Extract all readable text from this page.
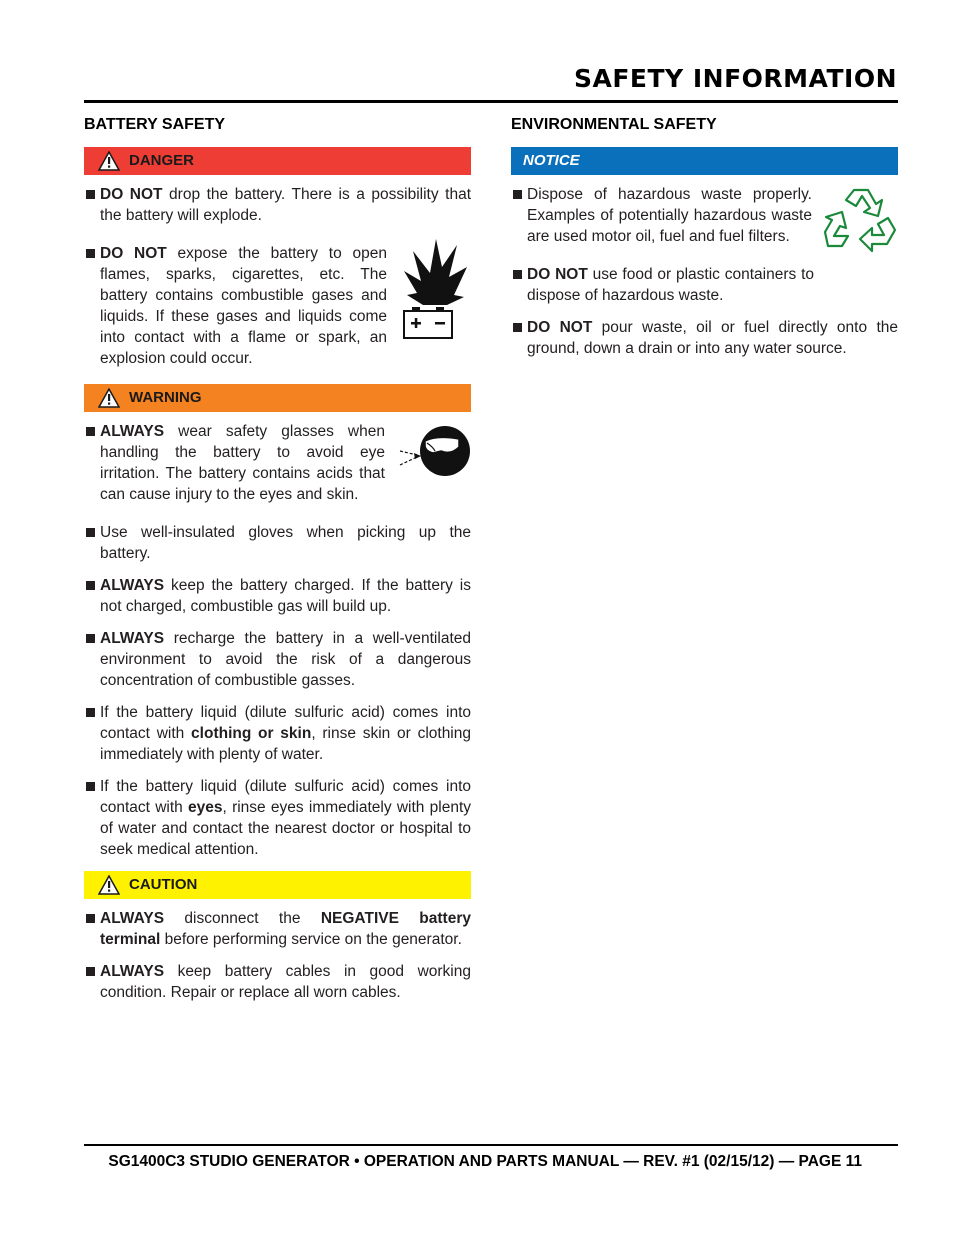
SAFETY INFORMATION
BATTERY SAFETY
DANGER
DO NOT drop the battery. There is a possibility that the battery will explode.
DO NOT expose the battery to open flames, sparks, cigarettes, etc. The battery contains combustible gases and liquids. If these gases and liquids come into contact with a flame or spark, an explosion could occur.
WARNING
ALWAYS wear safety glasses when handling the battery to avoid eye irritation. The battery contains acids that can cause injury to the eyes and skin.
Use well-insulated gloves when picking up the battery.
ALWAYS keep the battery charged. If the battery is not charged, combustible gas will build up.
ALWAYS recharge the battery in a well-ventilated environment to avoid the risk of a dangerous concentration of combustible gasses.
If the battery liquid (dilute sulfuric acid) comes into contact with clothing or skin, rinse skin or clothing immediately with plenty of water.
If the battery liquid (dilute sulfuric acid) comes into contact with eyes, rinse eyes immediately with plenty of water and contact the nearest doctor or hospital to seek medical attention.
CAUTION
ALWAYS disconnect the NEGATIVE battery terminal before performing service on the generator.
ALWAYS keep battery cables in good working condition. Repair or replace all worn cables.
ENVIRONMENTAL SAFETY
NOTICE
Dispose of hazardous waste properly. Examples of potentially hazardous waste are used motor oil, fuel and fuel filters.
DO NOT use food or plastic containers to dispose of hazardous waste.
DO NOT pour waste, oil or fuel directly onto the ground, down a drain or into any water source.
SG1400C3 STUDIO GENERATOR • OPERATION AND PARTS MANUAL — REV. #1 (02/15/12) — PAGE 11
